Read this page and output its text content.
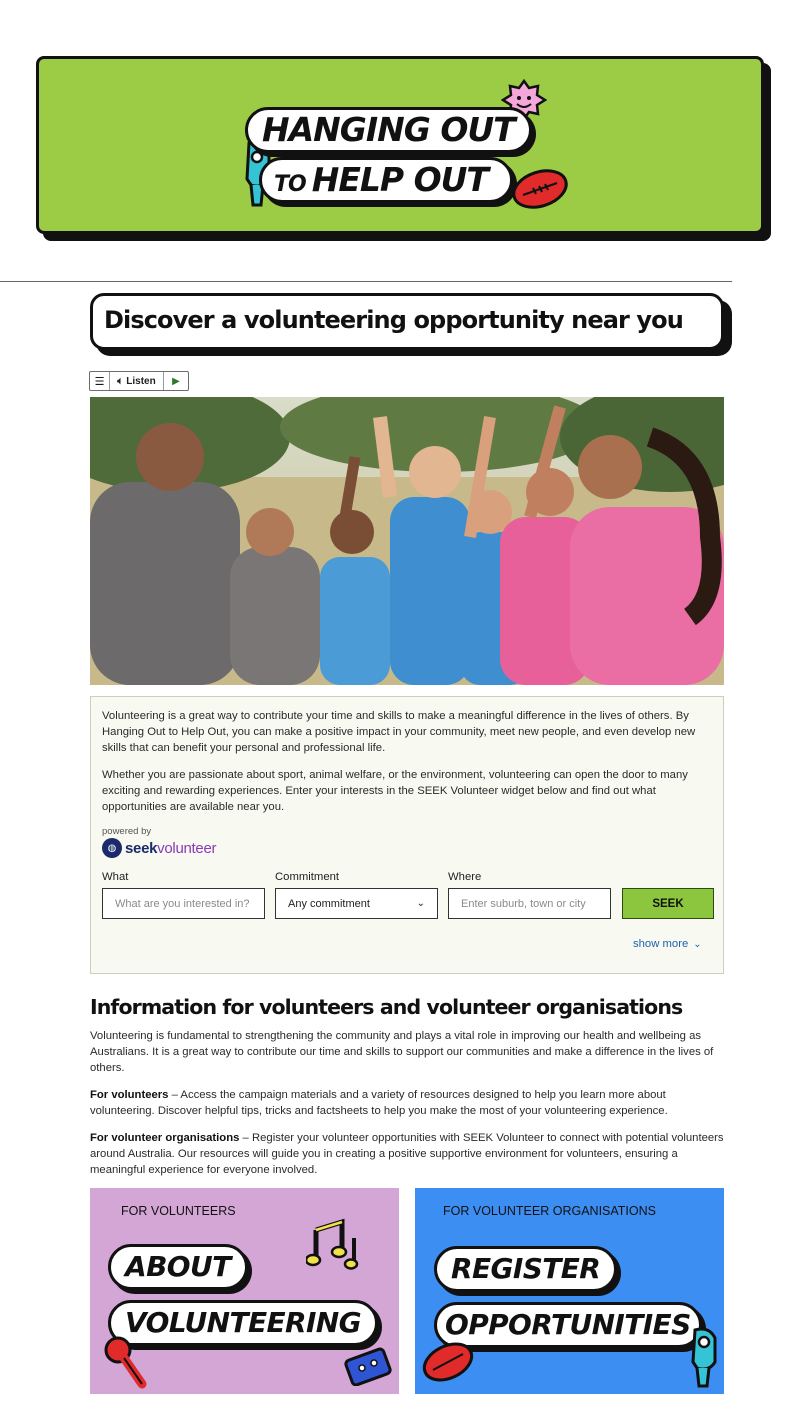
HANGING OUT
TO HELP OUT
Discover a volunteering opportunity near you
☰	🔈︎ Listen	▶

Volunteering is a great way to contribute your time and skills to make a meaningful difference in the lives of others. By Hanging Out to Help Out, you can make a positive impact in your community, meet new people, and even develop new skills that can benefit your personal and professional life.

Whether you are passionate about sport, animal welfare, or the environment, volunteering can open the door to many exciting and rewarding experiences. Enter your interests in the SEEK Volunteer widget below and find out what opportunities are available near you.

powered by
◍ seekvolunteer
What
What are you interested in?
Commitment
Any commitment	⌄
Where
Enter suburb, town or city	SEEK
show more ⌄
Information for volunteers and volunteer organisations

Volunteering is fundamental to strengthening the community and plays a vital role in improving our health and wellbeing as Australians. It is a great way to contribute our time and skills to support our communities and make a difference in the lives of others.

For volunteers – Access the campaign materials and a variety of resources designed to help you learn more about volunteering. Discover helpful tips, tricks and factsheets to help you make the most of your volunteering experience.

For volunteer organisations – Register your volunteer opportunities with SEEK Volunteer to connect with potential volunteers around Australia. Our resources will guide you in creating a positive supportive environment for volunteers, ensuring a meaningful experience for everyone involved.

FOR VOLUNTEERS
ABOUT
VOLUNTEERING
FOR VOLUNTEER ORGANISATIONS
REGISTER
OPPORTUNITIES
